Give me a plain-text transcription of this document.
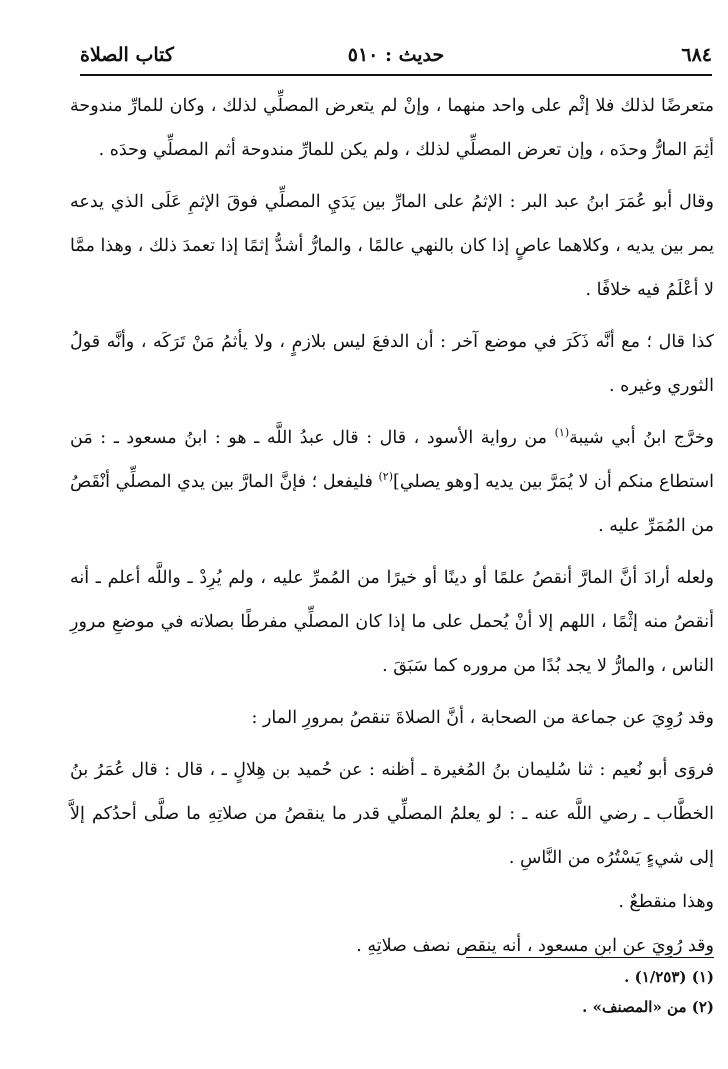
٦٨٤
حديث : ٥١٠
كتاب الصلاة

متعرضًا لذلك فلا إثْم على واحد منهما ، وإنْ لم يتعرض المصلِّي لذلك ، وكان للمارِّ مندوحة أثِمَ المارُّ وحدَه ، وإن تعرض المصلِّي لذلك ، ولم يكن للمارِّ مندوحة أثم المصلِّي وحدَه .

وقال أبو عُمَرَ ابنُ عبد البر : الإثمُ على المارِّ بين يَدَيِ المصلِّي فوقَ الإثمِ عَلَى الذي يدعه يمر بين يديه ، وكلاهما عاصٍ إذا كان بالنهي عالمًا ، والمارُّ أشدُّ إثمًا إذا تعمدَ ذلك ، وهذا ممَّا لا أعْلَمُ فيه خلافًا .

كذا قال ؛ مع أنَّه ذَكَرَ في موضع آخر : أن الدفعَ ليس بلازمٍ ، ولا يأثمُ مَنْ تَرَكَه ، وأنَّه قولُ الثوري وغيره .

وخرَّج ابنُ أبي شيبة$^{(١)}$ من رواية الأسود ، قال : قال عبدُ اللَّه ـ هو : ابنُ مسعود ـ : مَن استطاع منكم أن لا يُمَرَّ بين يديه [وهو يصلي]$^{(٢)}$ فليفعل ؛ فإنَّ المارَّ بين يدي المصلِّي أنْقَصُ من المُمَرِّ عليه .

ولعله أرادَ أنَّ المارَّ أنقصُ علمًا أو دينًا أو خيرًا من المُمرِّ عليه ، ولم يُرِدْ ـ واللَّه أعلم ـ أنه أنقصُ منه إثْمًا ، اللهم إلا أنْ يُحمل على ما إذا كان المصلِّي مفرطًا بصلاته في موضعِ مرورِ الناس ، والمارُّ لا يجد بُدًا من مروره كما سَبَقَ .

وقد رُوِيَ عن جماعة من الصحابة ، أنَّ الصلاةَ تنقصُ بمرورِ المار :

فروَى أبو نُعيم : ثنا سُليمان بنُ المُغيرة ـ أظنه : عن حُميد بن هِلالٍ ـ ، قال : قال عُمَرُ بنُ الخطَّاب ـ رضي اللَّه عنه ـ : لو يعلمُ المصلِّي قدر ما ينقصُ من صلاتِهِ ما صلَّى أحدُكم إلاَّ إلى شيءٍ يَسْتُرُه من النَّاسِ .

وهذا منقطعٌ .

وقد رُوِيَ عن ابنِ مسعود ، أنه ينقص نصف صلاتِهِ .

(١) (١/٢٥٣) .

(٢) من «المصنف» .
